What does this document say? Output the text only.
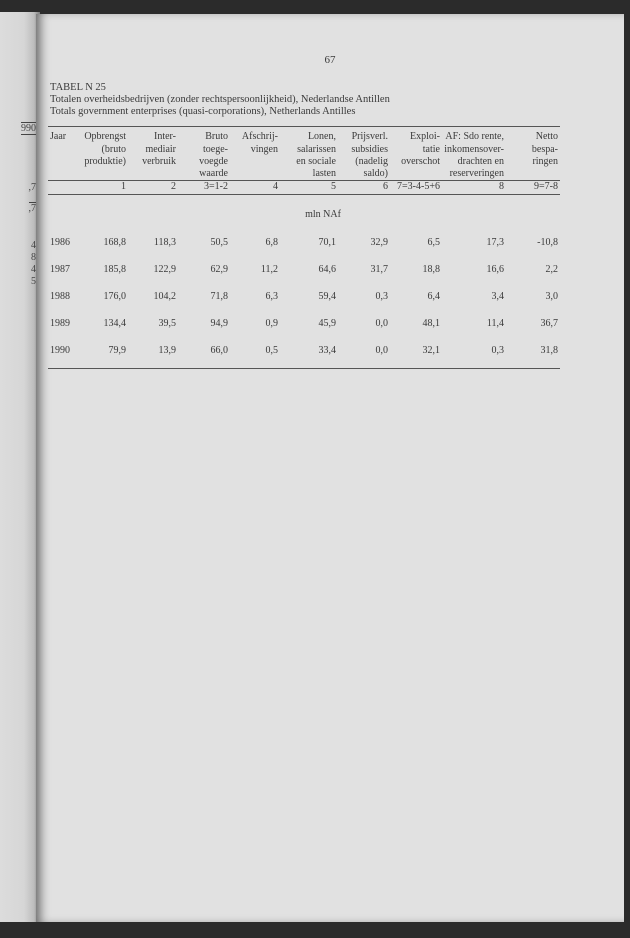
990
,7
,7
4
8
4
5
67
TABEL N 25
Totalen overheidsbedrijven (zonder rechtspersoonlijkheid), Nederlandse Antillen
Totals government enterprises (quasi-corporations), Netherlands Antilles
Jaar	Opbrengst	Inter-	Bruto	Afschrij-	Lonen,	Prijsverl.	Exploi-	AF: Sdo rente,	Netto
	(bruto	mediair	toege-	vingen	salarissen	subsidies	tatie	inkomensover-	bespa-
	produktie)	verbruik	voegde		en sociale	(nadelig	overschot	drachten en	ringen
			waarde		lasten	saldo)		reserveringen	
	1	2	3=1-2	4	5	6	7=3-4-5+6	8	9=7-8
mln NAf									
1986	168,8	118,3	50,5	6,8	70,1	32,9	6,5	17,3	-10,8
1987	185,8	122,9	62,9	11,2	64,6	31,7	18,8	16,6	2,2
1988	176,0	104,2	71,8	6,3	59,4	0,3	6,4	3,4	3,0
1989	134,4	39,5	94,9	0,9	45,9	0,0	48,1	11,4	36,7
1990	79,9	13,9	66,0	0,5	33,4	0,0	32,1	0,3	31,8
